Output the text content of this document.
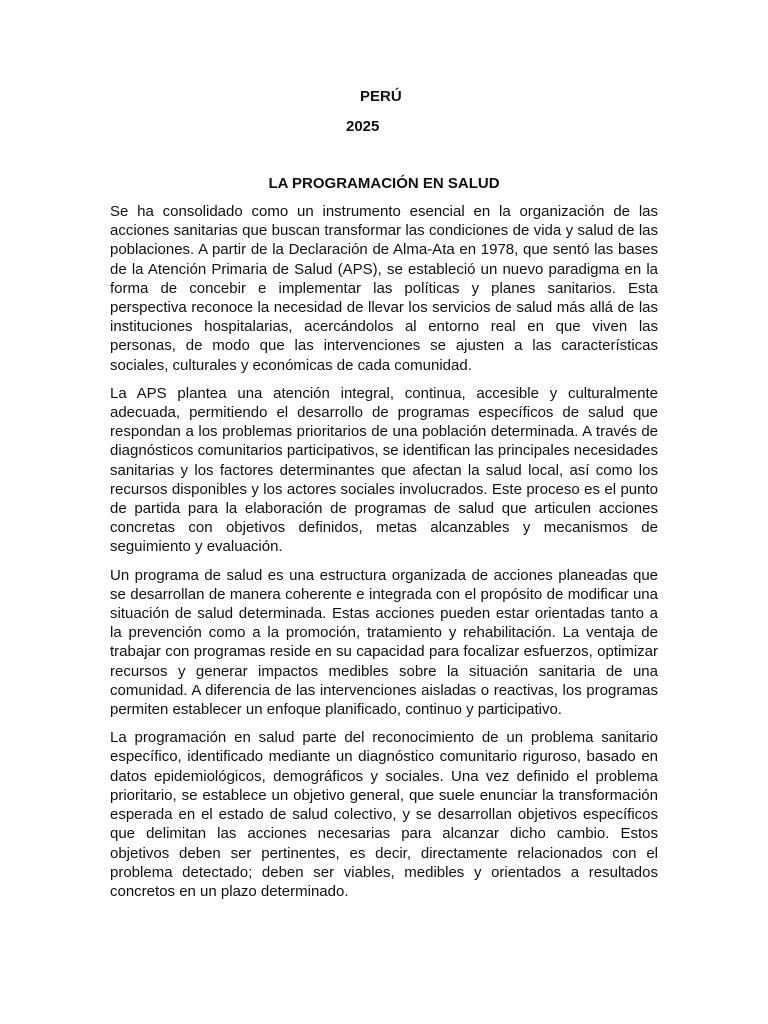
PERÚ
2025
LA PROGRAMACIÓN EN SALUD

Se ha consolidado como un instrumento esencial en la organización de las acciones sanitarias que buscan transformar las condiciones de vida y salud de las poblaciones. A partir de la Declaración de Alma-Ata en 1978, que sentó las bases de la Atención Primaria de Salud (APS), se estableció un nuevo paradigma en la forma de concebir e implementar las políticas y planes sanitarios. Esta perspectiva reconoce la necesidad de llevar los servicios de salud más allá de las instituciones hospitalarias, acercándolos al entorno real en que viven las personas, de modo que las intervenciones se ajusten a las características sociales, culturales y económicas de cada comunidad.

La APS plantea una atención integral, continua, accesible y culturalmente adecuada, permitiendo el desarrollo de programas específicos de salud que respondan a los problemas prioritarios de una población determinada. A través de diagnósticos comunitarios participativos, se identifican las principales necesidades sanitarias y los factores determinantes que afectan la salud local, así como los recursos disponibles y los actores sociales involucrados. Este proceso es el punto de partida para la elaboración de programas de salud que articulen acciones concretas con objetivos definidos, metas alcanzables y mecanismos de seguimiento y evaluación.

Un programa de salud es una estructura organizada de acciones planeadas que se desarrollan de manera coherente e integrada con el propósito de modificar una situación de salud determinada. Estas acciones pueden estar orientadas tanto a la prevención como a la promoción, tratamiento y rehabilitación. La ventaja de trabajar con programas reside en su capacidad para focalizar esfuerzos, optimizar recursos y generar impactos medibles sobre la situación sanitaria de una comunidad. A diferencia de las intervenciones aisladas o reactivas, los programas permiten establecer un enfoque planificado, continuo y participativo.

La programación en salud parte del reconocimiento de un problema sanitario específico, identificado mediante un diagnóstico comunitario riguroso, basado en datos epidemiológicos, demográficos y sociales. Una vez definido el problema prioritario, se establece un objetivo general, que suele enunciar la transformación esperada en el estado de salud colectivo, y se desarrollan objetivos específicos que delimitan las acciones necesarias para alcanzar dicho cambio. Estos objetivos deben ser pertinentes, es decir, directamente relacionados con el problema detectado; deben ser viables, medibles y orientados a resultados concretos en un plazo determinado.
